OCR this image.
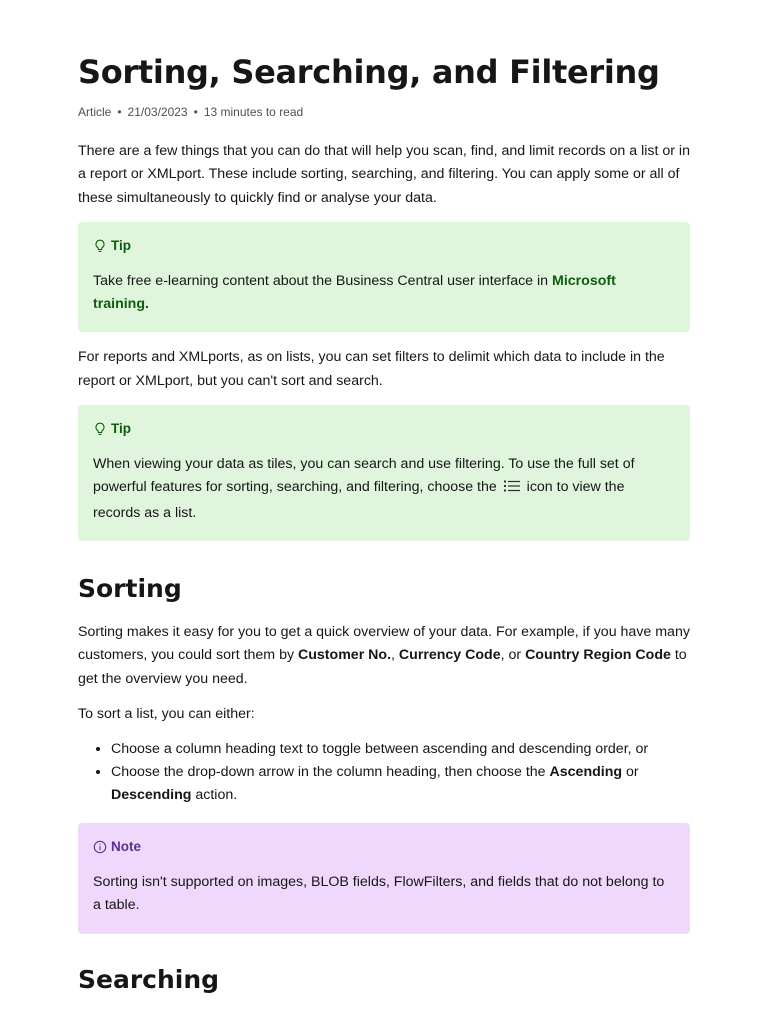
Sorting, Searching, and Filtering
Article • 21/03/2023 • 13 minutes to read

There are a few things that you can do that will help you scan, find, and limit records on a list or in a report or XMLport. These include sorting, searching, and filtering. You can apply some or all of these simultaneously to quickly find or analyse your data.

Tip

Take free e-learning content about the Business Central user interface in Microsoft training.

For reports and XMLports, as on lists, you can set filters to delimit which data to include in the report or XMLport, but you can't sort and search.

Tip

When viewing your data as tiles, you can search and use filtering. To use the full set of powerful features for sorting, searching, and filtering, choose the  icon to view the records as a list.

Sorting

Sorting makes it easy for you to get a quick overview of your data. For example, if you have many customers, you could sort them by Customer No., Currency Code, or Country Region Code to get the overview you need.

To sort a list, you can either:

• Choose a column heading text to toggle between ascending and descending order, or
• Choose the drop-down arrow in the column heading, then choose the Ascending or Descending action.
Note

Sorting isn't supported on images, BLOB fields, FlowFilters, and fields that do not belong to a table.

Searching
